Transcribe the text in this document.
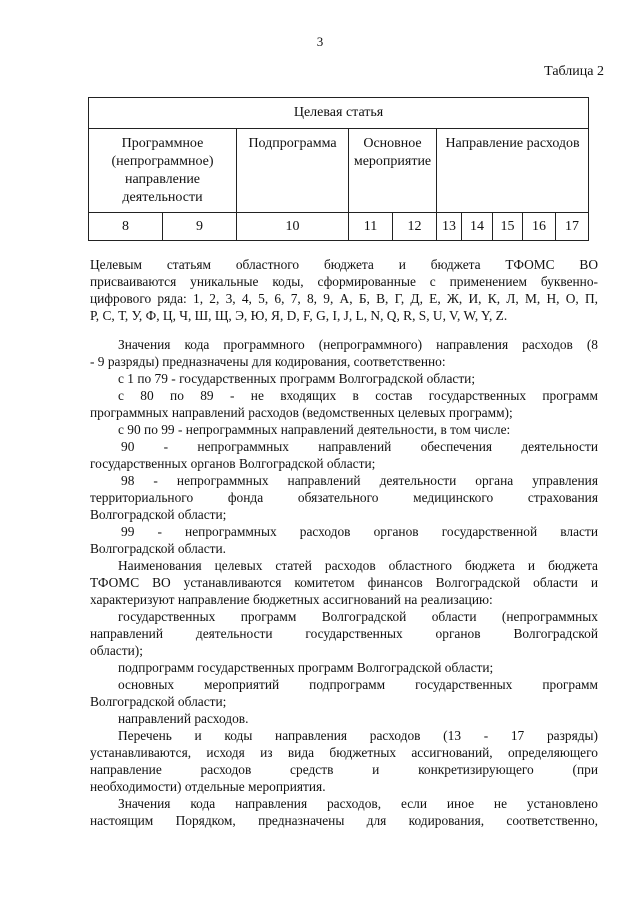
3
Таблица 2
Целевая статья									
Программное (непрограммное) направление деятельности		Подпрограмма	Основное мероприятие		Направление расходов				
8	9	10	11	12	13	14	15	16	17

Целевым статьям областного бюджета и бюджета ТФОМС ВО

присваиваются уникальные коды, сформированные с применением буквенно-

цифрового ряда: 1, 2, 3, 4, 5, 6, 7, 8, 9, А, Б, В, Г, Д, Е, Ж, И, К, Л, М, Н, О, П,

Р, С, Т, У, Ф, Ц, Ч, Ш, Щ, Э, Ю, Я, D, F, G, I, J, L, N, Q, R, S, U, V, W, Y, Z.

Значения кода программного (непрограммного) направления расходов (8

- 9 разряды) предназначены для кодирования, соответственно:

с 1 по 79 - государственных программ Волгоградской области;

с 80 по 89 - не входящих в состав государственных программ

программных направлений расходов (ведомственных целевых программ);

с 90 по 99 - непрограммных направлений деятельности, в том числе:

90 - непрограммных направлений обеспечения деятельности

государственных органов Волгоградской области;

98 - непрограммных направлений деятельности органа управления

территориального фонда обязательного медицинского страхования

Волгоградской области;

99 - непрограммных расходов органов государственной власти

Волгоградской области.

Наименования целевых статей расходов областного бюджета и бюджета

ТФОМС ВО устанавливаются комитетом финансов Волгоградской области и

характеризуют направление бюджетных ассигнований на реализацию:

государственных программ Волгоградской области (непрограммных

направлений деятельности государственных органов Волгоградской

области);

подпрограмм государственных программ Волгоградской области;

основных мероприятий подпрограмм государственных программ

Волгоградской области;

направлений расходов.

Перечень и коды направления расходов (13 - 17 разряды)

устанавливаются, исходя из вида бюджетных ассигнований, определяющего

направление расходов средств и конкретизирующего (при

необходимости) отдельные мероприятия.

Значения кода направления расходов, если иное не установлено

настоящим Порядком, предназначены для кодирования, соответственно,
